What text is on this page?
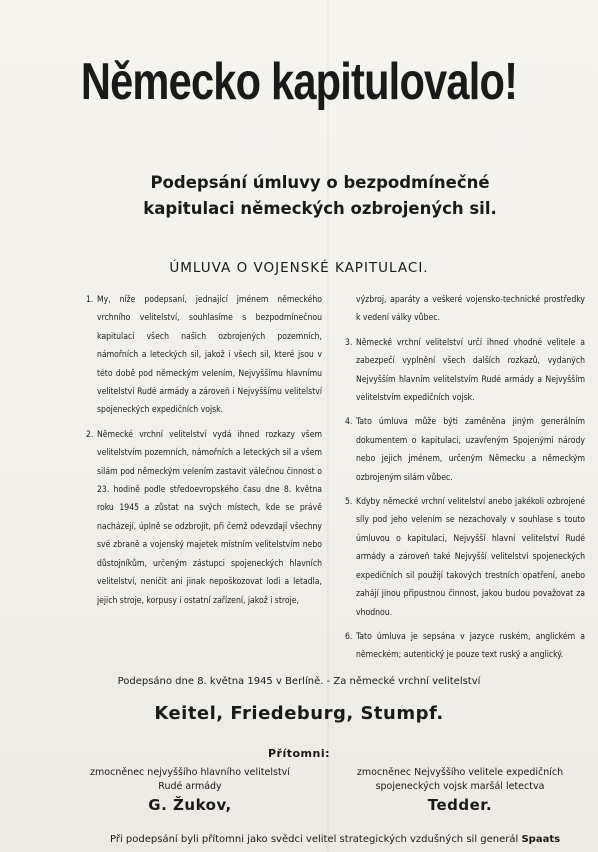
Německo kapitulovalo!
Podepsání úmluvy o bezpodmínečné
kapitulaci německých ozbrojených sil.
ÚMLUVA O VOJENSKÉ KAPITULACI.
1. My, níže podepsaní, jednající jménem německého vrchního velitelství, souhlasíme s bezpodmínečnou kapitulací všech našich ozbrojených pozemních, námořních a leteckých sil, jakož i všech sil, které jsou v této době pod německým velením, Nejvyššímu hlavnímu velitelství Rudé armády a zároveň i Nejvyššímu velitelství spojeneckých expedičních vojsk.
2. Německé vrchní velitelství vydá ihned rozkazy všem velitelstvím pozemních, námořních a leteckých sil a všem silám pod německým velením zastavit válečnou činnost o 23. hodině podle středoevropského času dne 8. května roku 1945 a zůstat na svých místech, kde se právě nacházejí, úplně se odzbrojit, při čemž odevzdají všechny své zbraně a vojenský majetek místním velitelstvím nebo důstojníkům, určeným zástupci spojeneckých hlavních velitelství, neničit ani jinak nepoškozovat lodi a letadla, jejich stroje, korpusy i ostatní zařízení, jakož i stroje,
výzbroj, aparáty a veškeré vojensko-technické prostředky k vedení války vůbec.
3. Německé vrchní velitelství určí ihned vhodné velitele a zabezpečí vyplnění všech dalších rozkazů, vydaných Nejvyšším hlavním velitelstvím Rudé armády a Nejvyšším velitelstvím expedičních vojsk.
4. Tato úmluva může býti zaměněna jiným generálním dokumentem o kapitulaci, uzavřeným Spojenými národy nebo jejich jménem, určeným Německu a německým ozbrojeným silám vůbec.
5. Kdyby německé vrchní velitelství anebo jakékoli ozbrojené síly pod jeho velením se nezachovaly v souhlase s touto úmluvou o kapitulaci, Nejvyšší hlavní velitelství Rudé armády a zároveň také Nejvyšší velitelství spojeneckých expedičních sil použijí takových trestních opatření, anebo zahájí jinou připustnou činnost, jakou budou považovat za vhodnou.
6. Tato úmluva je sepsána v jazyce ruském, anglickém a německém; autentický je pouze text ruský a anglický.
Podepsáno dne 8. května 1945 v Berlíně. - Za německé vrchní velitelství
Keitel, Friedeburg, Stumpf.
Přítomni:
zmocněnec nejvyššího hlavního velitelství
Rudé armády
G. Žukov,
zmocněnec Nejvyššího velitele expedičních
spojeneckých vojsk maršál letectva
Tedder.
Při podepsání byli přítomni jako svědci velitel strategických vzdušných sil generál Spaats
